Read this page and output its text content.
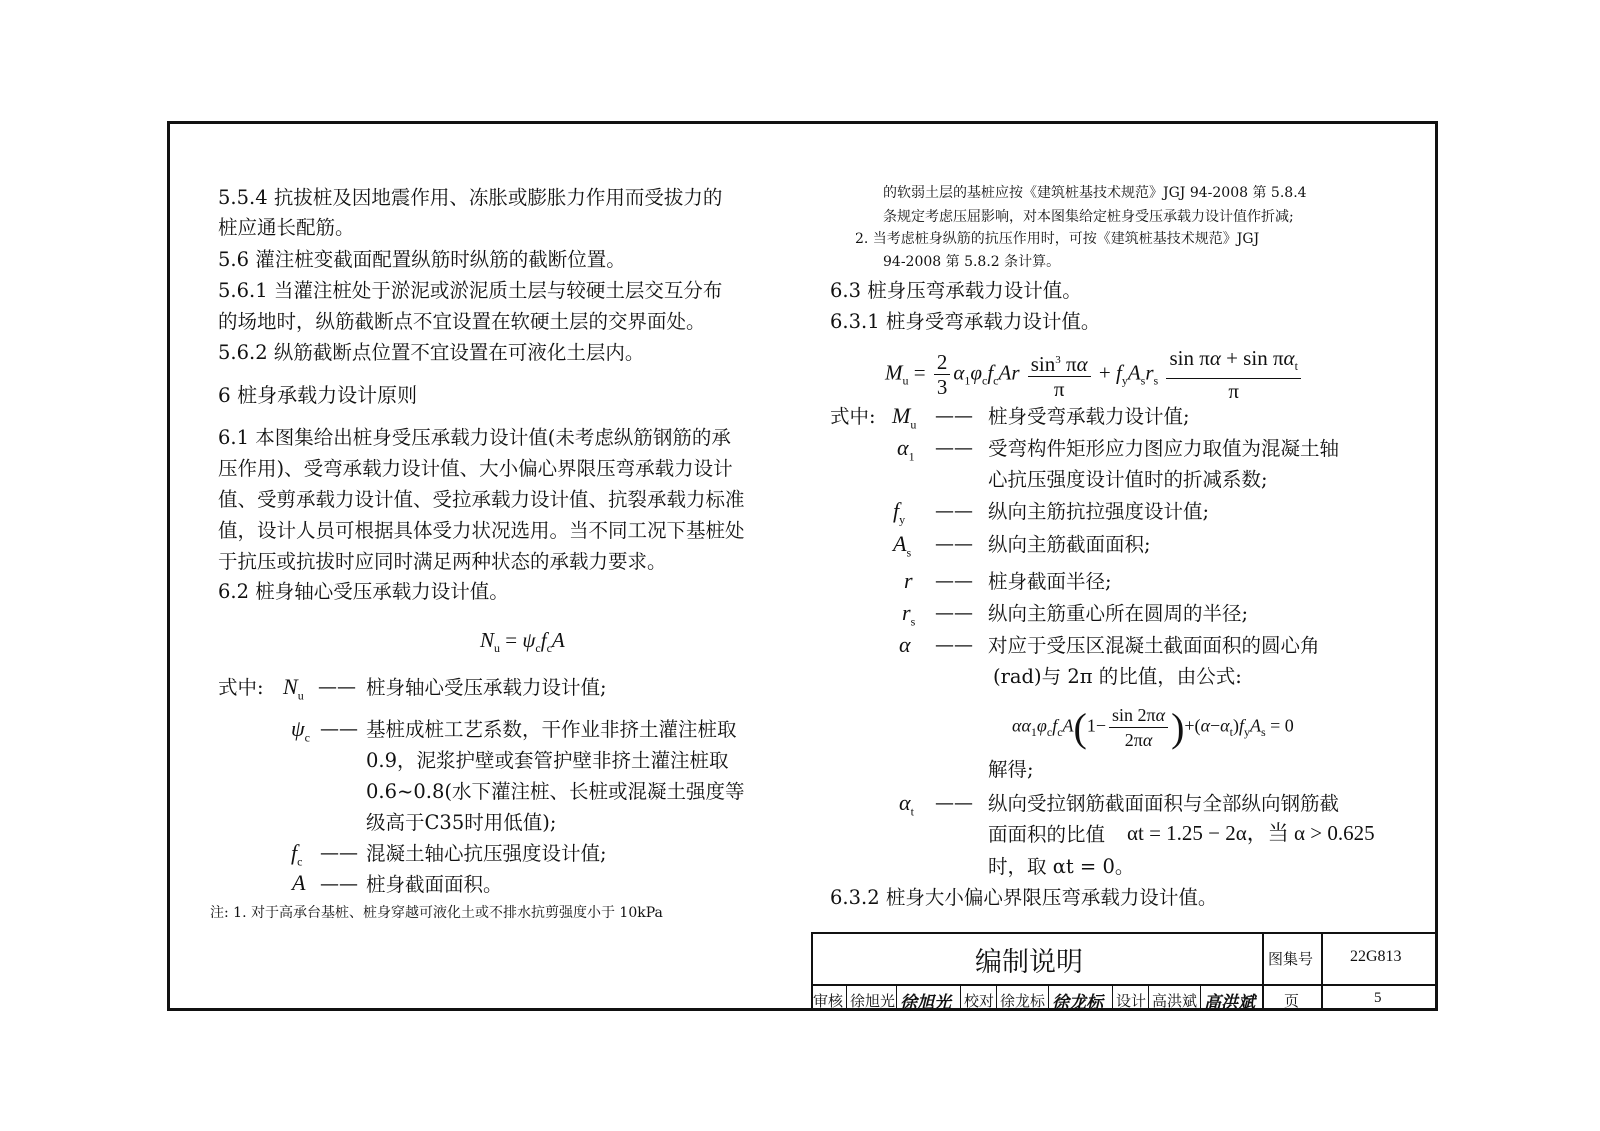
5.5.4 抗拔桩及因地震作用、冻胀或膨胀力作用而受拔力的
桩应通长配筋。
5.6 灌注桩变截面配置纵筋时纵筋的截断位置。
5.6.1 当灌注桩处于淤泥或淤泥质土层与较硬土层交互分布
的场地时，纵筋截断点不宜设置在软硬土层的交界面处。
5.6.2 纵筋截断点位置不宜设置在可液化土层内。
6 桩身承载力设计原则
6.1 本图集给出桩身受压承载力设计值(未考虑纵筋钢筋的承
压作用)、受弯承载力设计值、大小偏心界限压弯承载力设计
值、受剪承载力设计值、受拉承载力设计值、抗裂承载力标准
值，设计人员可根据具体受力状况选用。当不同工况下基桩处
于抗压或抗拔时应同时满足两种状态的承载力要求。
6.2 桩身轴心受压承载力设计值。
$N_u = \psi_cf_cA$
式中: $N_u$ —— 桩身轴心受压承载力设计值;
$\psi_c$ —— 基桩成桩工艺系数，干作业非挤土灌注桩取
0.9，泥浆护壁或套管护壁非挤土灌注桩取
0.6~0.8(水下灌注桩、长桩或混凝土强度等
级高于C35时用低值);
$f_c$ —— 混凝土轴心抗压强度设计值;
A —— 桩身截面面积。
注: 1. 对于高承台基桩、桩身穿越可液化土或不排水抗剪强度小于 10kPa
的软弱土层的基桩应按《建筑桩基技术规范》JGJ 94-2008 第 5.8.4
条规定考虑压屈影响，对本图集给定桩身受压承载力设计值作折减;
2. 当考虑桩身纵筋的抗压作用时，可按《建筑桩基技术规范》JGJ
94-2008 第 5.8.2 条计算。
6.3 桩身压弯承载力设计值。
6.3.1 桩身受弯承载力设计值。
$M_u = \frac{2}{3} \alpha_1\varphi_cf_cAr \frac{\sin^3 \pi\alpha}{\pi} + f_yA_sr_s \frac{\sin \pi\alpha + \sin \pi\alpha_t}{\pi}$
式中: $M_u$ —— 桩身受弯承载力设计值;
$\alpha_1$ —— 受弯构件矩形应力图应力取值为混凝土轴
心抗压强度设计值时的折减系数;
$f_y$ —— 纵向主筋抗拉强度设计值;
$A_s$ —— 纵向主筋截面面积;
r —— 桩身截面半径;
$r_s$ —— 纵向主筋重心所在圆周的半径;
α —— 对应于受压区混凝土截面面积的圆心角
(rad)与 2π 的比值，由公式:
$\alpha\alpha_1\varphi_cf_cA(1- \frac{\sin 2\pi\alpha}{2\pi\alpha} )+(\alpha-\alpha_t)f_yA_s = 0$
解得;
$\alpha_t$ —— 纵向受拉钢筋截面面积与全部纵向钢筋截
面面积的比值 αt = 1.25 − 2α，当 α > 0.625
时，取 αt = 0。
6.3.2 桩身大小偏心界限压弯承载力设计值。
编制说明	图集号 22G813
审核 徐旭光 徐旭光 校对 徐龙标 徐龙标 设计 高洪斌 高洪斌 页	5
